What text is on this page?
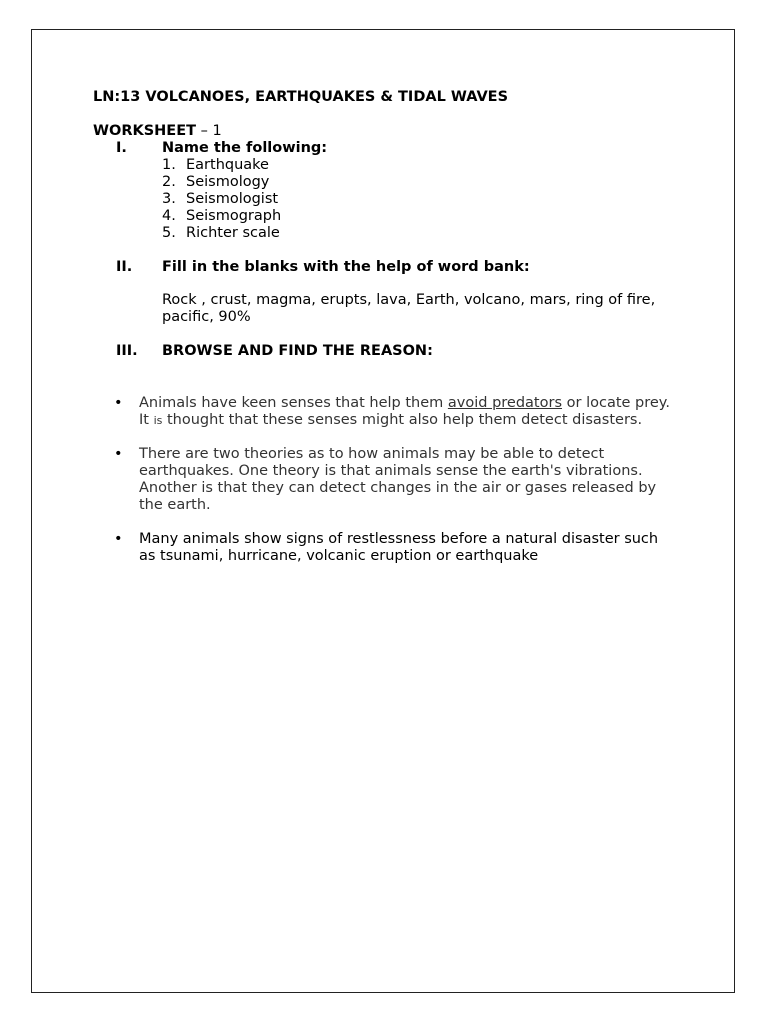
LN:13 VOLCANOES, EARTHQUAKES & TIDAL WAVES
WORKSHEET – 1
I. Name the following:
1. Earthquake
2. Seismology
3. Seismologist
4. Seismograph
5. Richter scale
II. Fill in the blanks with the help of word bank:
Rock , crust, magma, erupts, lava, Earth, volcano, mars, ring of fire, pacific, 90%
III. BROWSE AND FIND THE REASON:
• Animals have keen senses that help them avoid predators or locate prey. It is thought that these senses might also help them detect disasters.
• There are two theories as to how animals may be able to detect earthquakes. One theory is that animals sense the earth's vibrations. Another is that they can detect changes in the air or gases released by the earth.
• Many animals show signs of restlessness before a natural disaster such as tsunami, hurricane, volcanic eruption or earthquake
